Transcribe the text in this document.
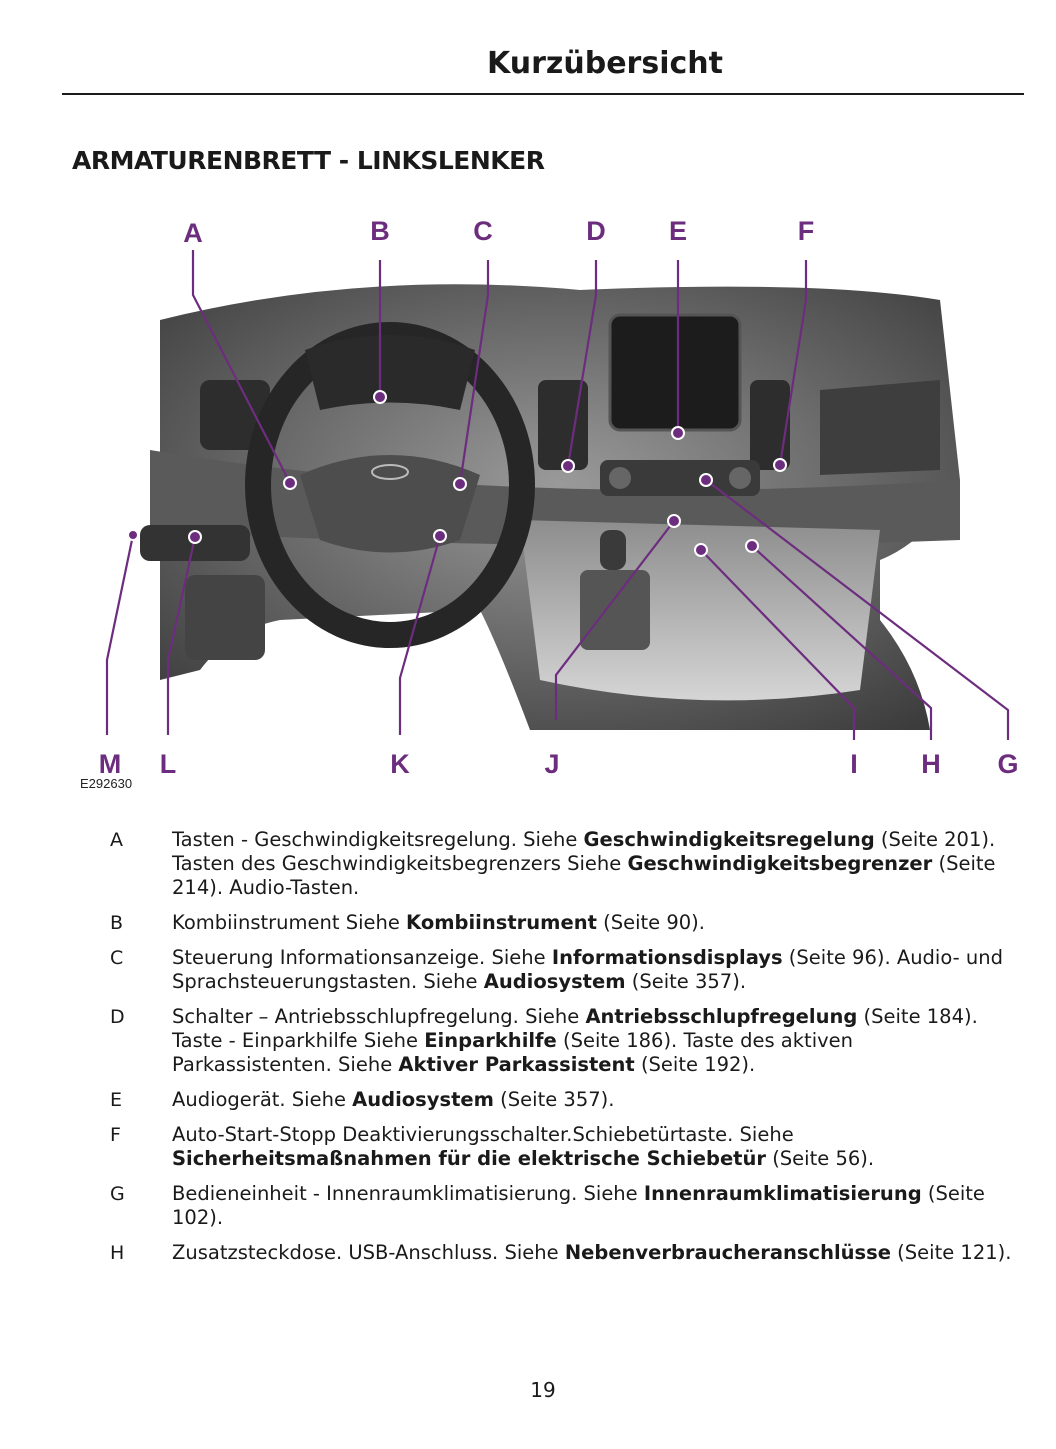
Kurzübersicht
ARMATURENBRETT - LINKSLENKER
A	B	C	D E	F
G
H
I
J
K
L
M
E292630
A	Tasten - Geschwindigkeitsregelung. Siehe Geschwindigkeitsregelung (Seite 201). Tasten des Geschwindigkeitsbegrenzers Siehe Geschwindigkeitsbegrenzer (Seite 214). Audio-Tasten.
B	Kombiinstrument Siehe Kombiinstrument (Seite 90).
C	Steuerung Informationsanzeige. Siehe Informationsdisplays (Seite 96). Audio- und Sprachsteuerungstasten. Siehe Audiosystem (Seite 357).
D	Schalter – Antriebsschlupfregelung. Siehe Antriebsschlupfregelung (Seite 184). Taste - Einparkhilfe Siehe Einparkhilfe (Seite 186). Taste des aktiven Parkassistenten. Siehe Aktiver Parkassistent (Seite 192).
E	Audiogerät. Siehe Audiosystem (Seite 357).
F	Auto-Start-Stopp Deaktivierungsschalter.Schiebetürtaste. Siehe Sicherheitsmaßnahmen für die elektrische Schiebetür (Seite 56).
G	Bedieneinheit - Innenraumklimatisierung. Siehe Innenraumklimatisierung (Seite 102).
H	Zusatzsteckdose. USB-Anschluss. Siehe Nebenverbraucheranschlüsse (Seite 121).
19
